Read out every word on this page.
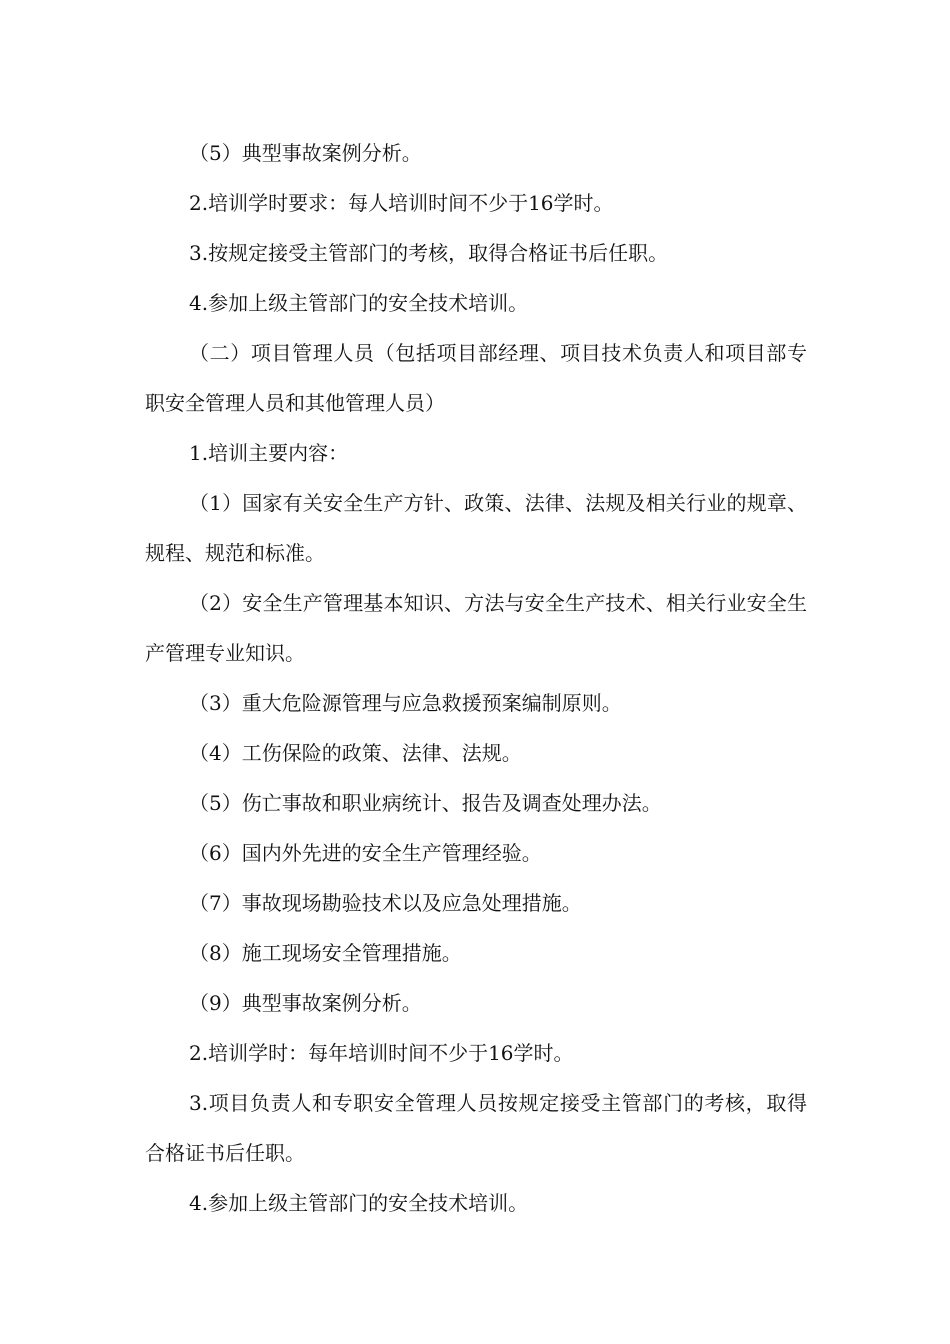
（5）典型事故案例分析。

2.培训学时要求：每人培训时间不少于16学时。

3.按规定接受主管部门的考核，取得合格证书后任职。

4.参加上级主管部门的安全技术培训。

（二）项目管理人员（包括项目部经理、项目技术负责人和项目部专职安全管理人员和其他管理人员）

1.培训主要内容：

（1）国家有关安全生产方针、政策、法律、法规及相关行业的规章、规程、规范和标准。

（2）安全生产管理基本知识、方法与安全生产技术、相关行业安全生产管理专业知识。

（3）重大危险源管理与应急救援预案编制原则。

（4）工伤保险的政策、法律、法规。

（5）伤亡事故和职业病统计、报告及调查处理办法。

（6）国内外先进的安全生产管理经验。

（7）事故现场勘验技术以及应急处理措施。

（8）施工现场安全管理措施。

（9）典型事故案例分析。

2.培训学时：每年培训时间不少于16学时。

3.项目负责人和专职安全管理人员按规定接受主管部门的考核，取得合格证书后任职。

4.参加上级主管部门的安全技术培训。
